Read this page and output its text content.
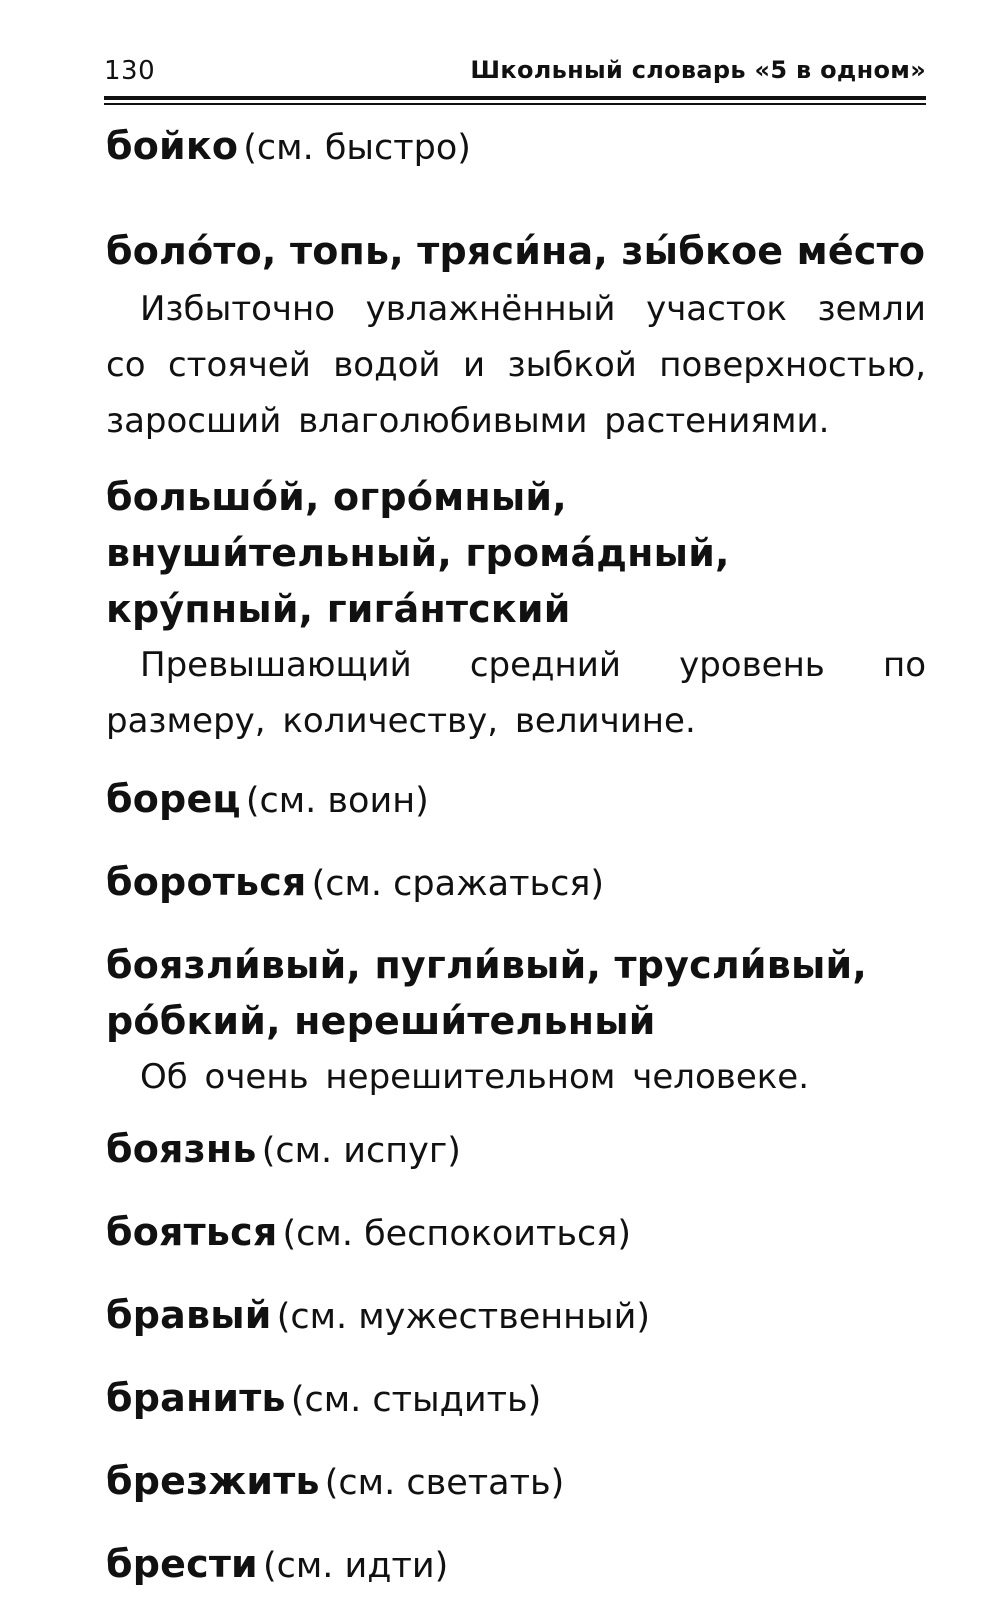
130	Школьный словарь «5 в одном»
бойко (см. быстро)
боло́то, топь, тряси́на, зы́бкое ме́сто

Избыточно увлажнённый участок земли со стоячей водой и зыбкой поверхностью, заросший влаголюбивыми растениями.

большо́й, огро́мный, внуши́тельный, грома́дный, кру́пный, гига́нтский

Превышающий средний уровень по размеру, количеству, величине.

борец (см. воин)
бороться (см. сражаться)
боязли́вый, пугли́вый, трусли́вый, ро́бкий, нереши́тельный

Об очень нерешительном человеке.

боязнь (см. испуг)
бояться (см. беспокоиться)
бравый (см. мужественный)
бранить (см. стыдить)
брезжить (см. светать)
брести (см. идти)
